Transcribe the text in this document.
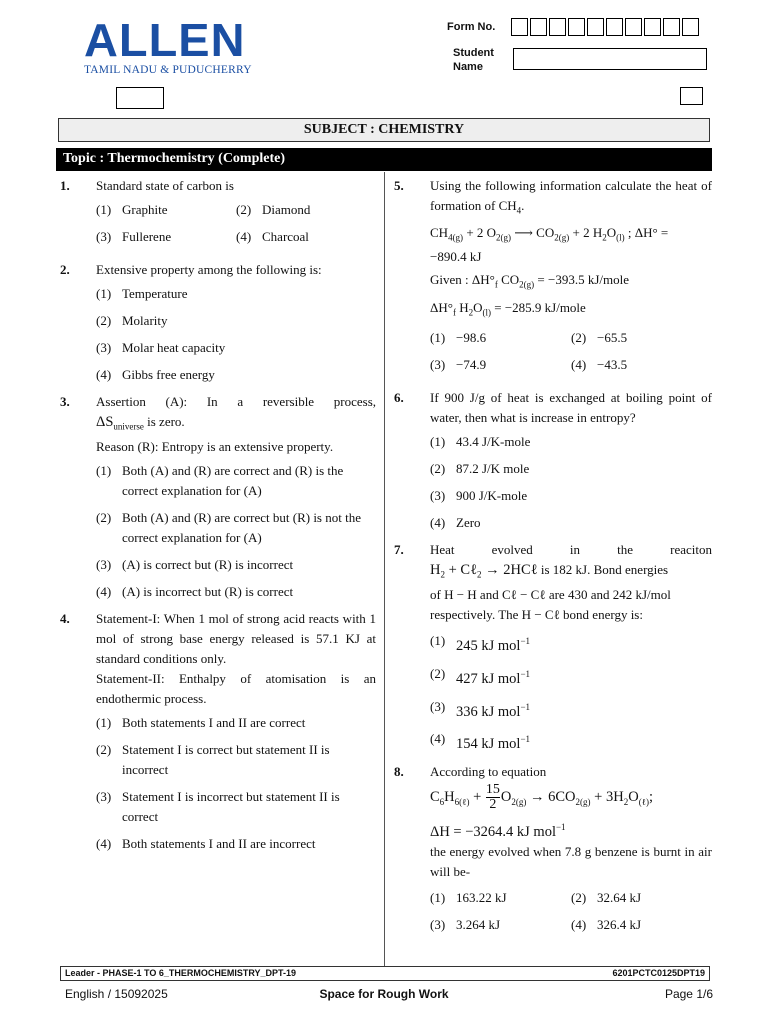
ALLEN
TAMIL NADU & PUDUCHERRY
Form No.
Student
Name
SUBJECT : CHEMISTRY
Topic : Thermochemistry (Complete)
1. Standard state of carbon is
(1) Graphite	(2) Diamond
(3) Fullerene	(4) Charcoal
2. Extensive property among the following is:
(1) Temperature
(2) Molarity
(3) Molar heat capacity
(4) Gibbs free energy
3. Assertion (A): In a reversible process,
$\Delta S_{universe}$ is zero.
Reason (R): Entropy is an extensive property.
(1) Both (A) and (R) are correct and (R) is the correct explanation for (A)
(2) Both (A) and (R) are correct but (R) is not the correct explanation for (A)
(3) (A) is correct but (R) is incorrect
(4) (A) is incorrect but (R) is correct
4. Statement-I: When 1 mol of strong acid reacts with 1 mol of strong base energy released is 57.1 KJ at standard conditions only.
Statement-II: Enthalpy of atomisation is an endothermic process.
(1) Both statements I and II are correct
(2) Statement I is correct but statement II is incorrect
(3) Statement I is incorrect but statement II is correct
(4) Both statements I and II are incorrect
5. Using the following information calculate the heat of formation of $CH_4$.
$CH_{4(g)} + 2$ $O_{2(g)}$ ⟶ $CO_{2(g)} + 2$ $H_2O_{(l)}$ ; ΔH° =
−890.4 kJ
Given : $\Delta H^\circ_f$ $CO_{2(g)} = -393.5$ kJ/mole
$\Delta H^\circ_f$ $H_2O_{(l)} = -285.9$ kJ/mole
(1) −98.6	(2) −65.5
(3) −74.9	(4) −43.5
6. If 900 J/g of heat is exchanged at boiling point of water, then what is increase in entropy?
(1) 43.4 J/K-mole
(2) 87.2 J/K mole
(3) 900 J/K-mole
(4) Zero
7. Heat evolved in the reaciton
$H_2$ + Cℓ$_2$ → 2HCℓ is 182 kJ. Bond energies
of H − H and Cℓ − Cℓ are 430 and 242 kJ/mol
respectively. The H − Cℓ bond energy is:
(1) 245 kJ mol$^{-1}$
(2) 427 kJ mol$^{-1}$
(3) 336 kJ mol$^{-1}$
(4) 154 kJ mol$^{-1}$
8. According to equation
$C_6H_{6(\ell)} + \frac{15}{2} O_{2(g)} \to 6CO_{2(g)} + 3H_2O_{(\ell)}$;
ΔH = −3264.4 kJ mol$^{-1}$
the energy evolved when 7.8 g benzene is burnt in air will be-
(1) 163.22 kJ	(2) 32.64 kJ
(3) 3.264 kJ	(4) 326.4 kJ
Leader - PHASE-1 TO 6_THERMOCHEMISTRY_DPT-19	6201PCTC0125DPT19
English / 15092025	Space for Rough Work	Page 1/6
